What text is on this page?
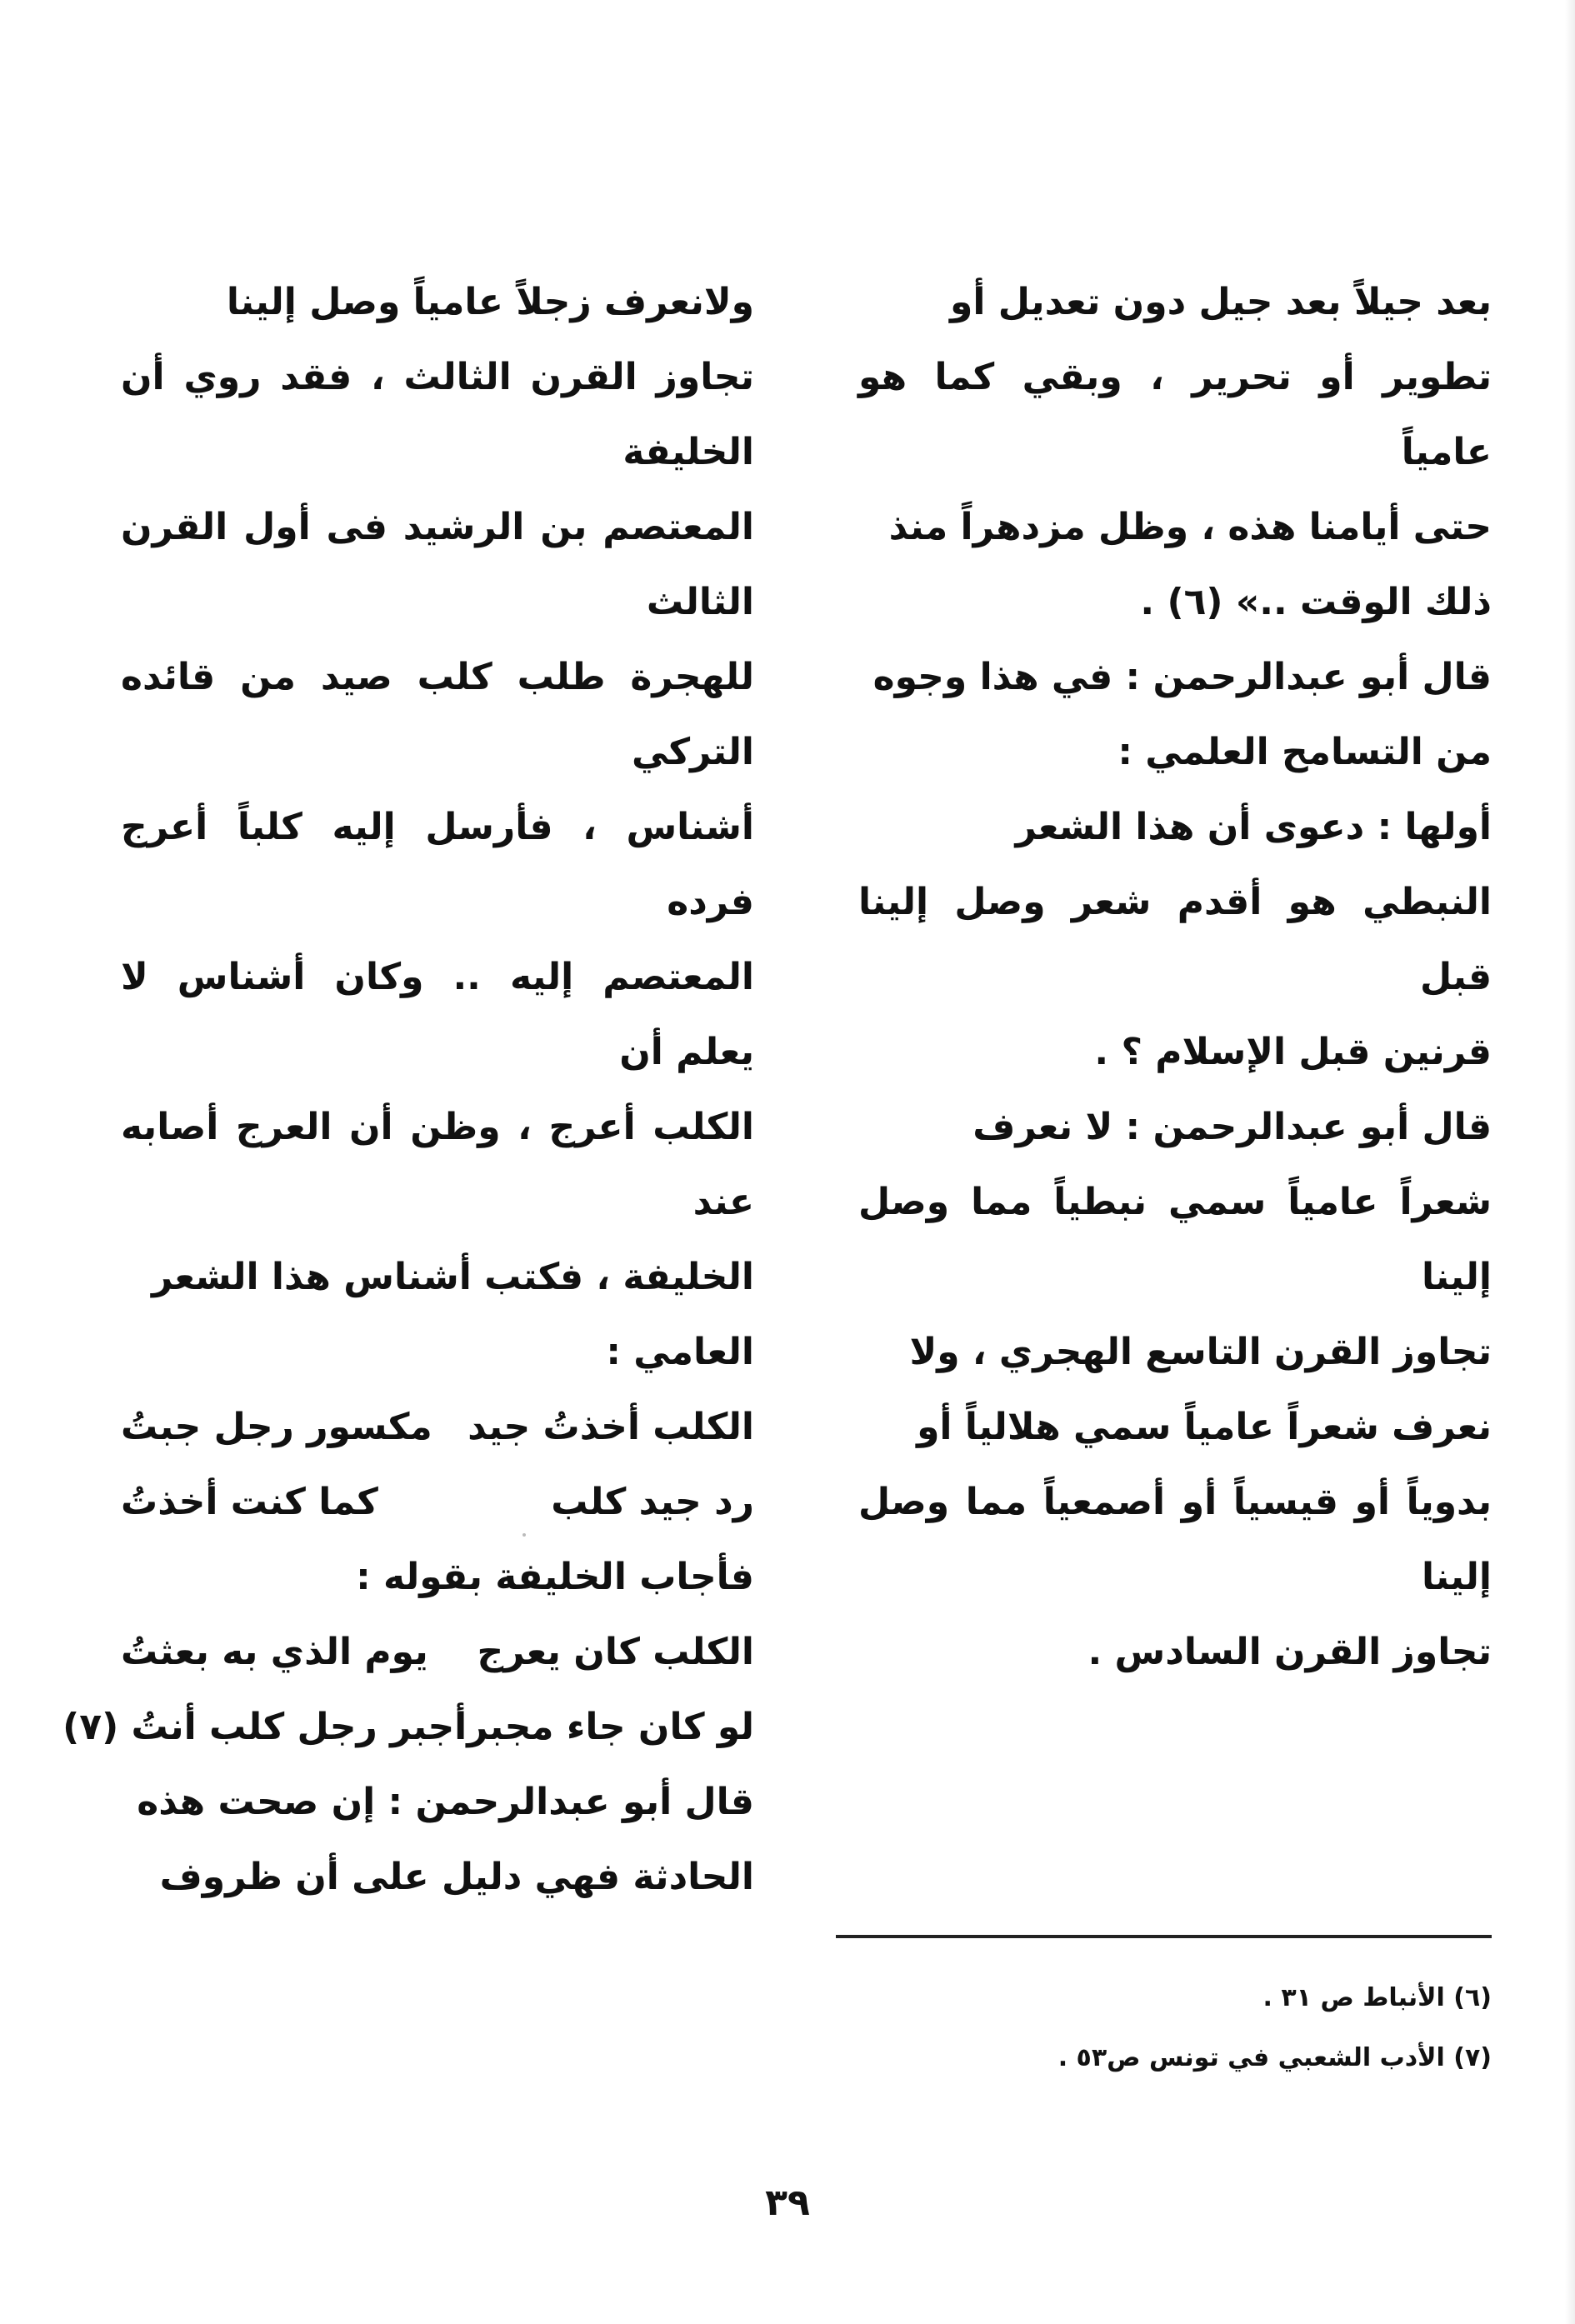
بعد جيلاً بعد جيل دون تعديل أو

تطوير أو تحرير ، وبقي كما هو عامياً

حتى أيامنا هذه ، وظل مزدهراً منذ

ذلك الوقت ..» (٦) .

قال أبو عبدالرحمن : في هذا وجوه

من التسامح العلمي :

أولها : دعوى أن هذا الشعر

النبطي هو أقدم شعر وصل إلينا قبل

قرنين قبل الإسلام ؟ .

قال أبو عبدالرحمن : لا نعرف

شعراً عامياً سمي نبطياً مما وصل إلينا

تجاوز القرن التاسع الهجري ، ولا

نعرف شعراً عامياً سمي هلالياً أو

بدوياً أو قيسياً أو أصمعياً مما وصل إلينا

تجاوز القرن السادس .

ولانعرف زجلاً عامياً وصل إلينا

تجاوز القرن الثالث ، فقد روي أن الخليفة

المعتصم بن الرشيد فى أول القرن الثالث

للهجرة طلب كلب صيد من قائده التركي

أشناس ، فأرسل إليه كلباً أعرج فرده

المعتصم إليه .. وكان أشناس لا يعلم أن

الكلب أعرج ، وظن أن العرج أصابه عند

الخليفة ، فكتب أشناس هذا الشعر

العامي :

الكلب أخذتُ جيد
مكسور رجل جبتُ
رد جيد كلب
كما كنت أخذتُ

فأجاب الخليفة بقوله :

الكلب كان يعرج
يوم الذي به بعثتُ
لو كان جاء مجبر
أجبر رجل كلب أنتُ (٧)

قال أبو عبدالرحمن : إن صحت هذه

الحادثة فهي دليل على أن ظروف

(٦) الأنباط ص ٣١ .
(٧) الأدب الشعبي في تونس ص٥٣ .
٣٩
